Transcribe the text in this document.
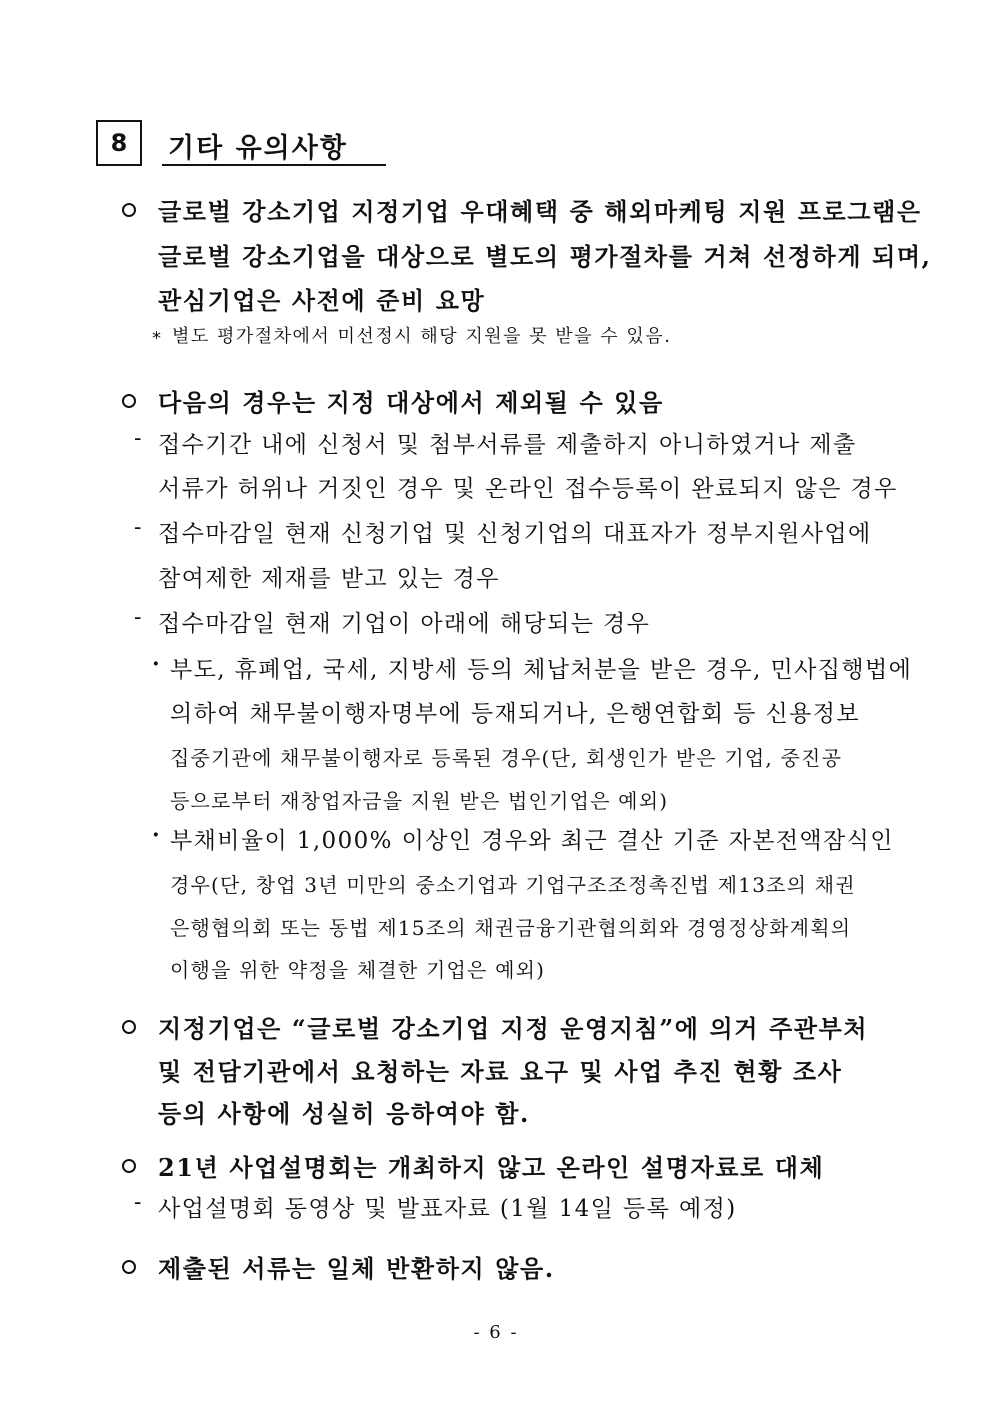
8	기타 유의사항
글로벌 강소기업 지정기업 우대혜택 중 해외마케팅 지원 프로그램은
글로벌 강소기업을 대상으로 별도의 평가절차를 거쳐 선정하게 되며,
관심기업은 사전에 준비 요망
* 별도 평가절차에서 미선정시 해당 지원을 못 받을 수 있음.
다음의 경우는 지정 대상에서 제외될 수 있음
- 접수기간 내에 신청서 및 첨부서류를 제출하지 아니하였거나 제출
서류가 허위나 거짓인 경우 및 온라인 접수등록이 완료되지 않은 경우
- 접수마감일 현재 신청기업 및 신청기업의 대표자가 정부지원사업에
참여제한 제재를 받고 있는 경우
- 접수마감일 현재 기업이 아래에 해당되는 경우
· 부도, 휴폐업, 국세, 지방세 등의 체납처분을 받은 경우, 민사집행법에
의하여 채무불이행자명부에 등재되거나, 은행연합회 등 신용정보
집중기관에 채무불이행자로 등록된 경우(단, 회생인가 받은 기업, 중진공
등으로부터 재창업자금을 지원 받은 법인기업은 예외)
· 부채비율이 1,000% 이상인 경우와 최근 결산 기준 자본전액잠식인
경우(단, 창업 3년 미만의 중소기업과 기업구조조정촉진법 제13조의 채권
은행협의회 또는 동법 제15조의 채권금융기관협의회와 경영정상화계획의
이행을 위한 약정을 체결한 기업은 예외)
지정기업은 “글로벌 강소기업 지정 운영지침”에 의거 주관부처
및 전담기관에서 요청하는 자료 요구 및 사업 추진 현황 조사
등의 사항에 성실히 응하여야 함.
21년 사업설명회는 개최하지 않고 온라인 설명자료로 대체
- 사업설명회 동영상 및 발표자료 (1월 14일 등록 예정)
제출된 서류는 일체 반환하지 않음.
- 6 -
